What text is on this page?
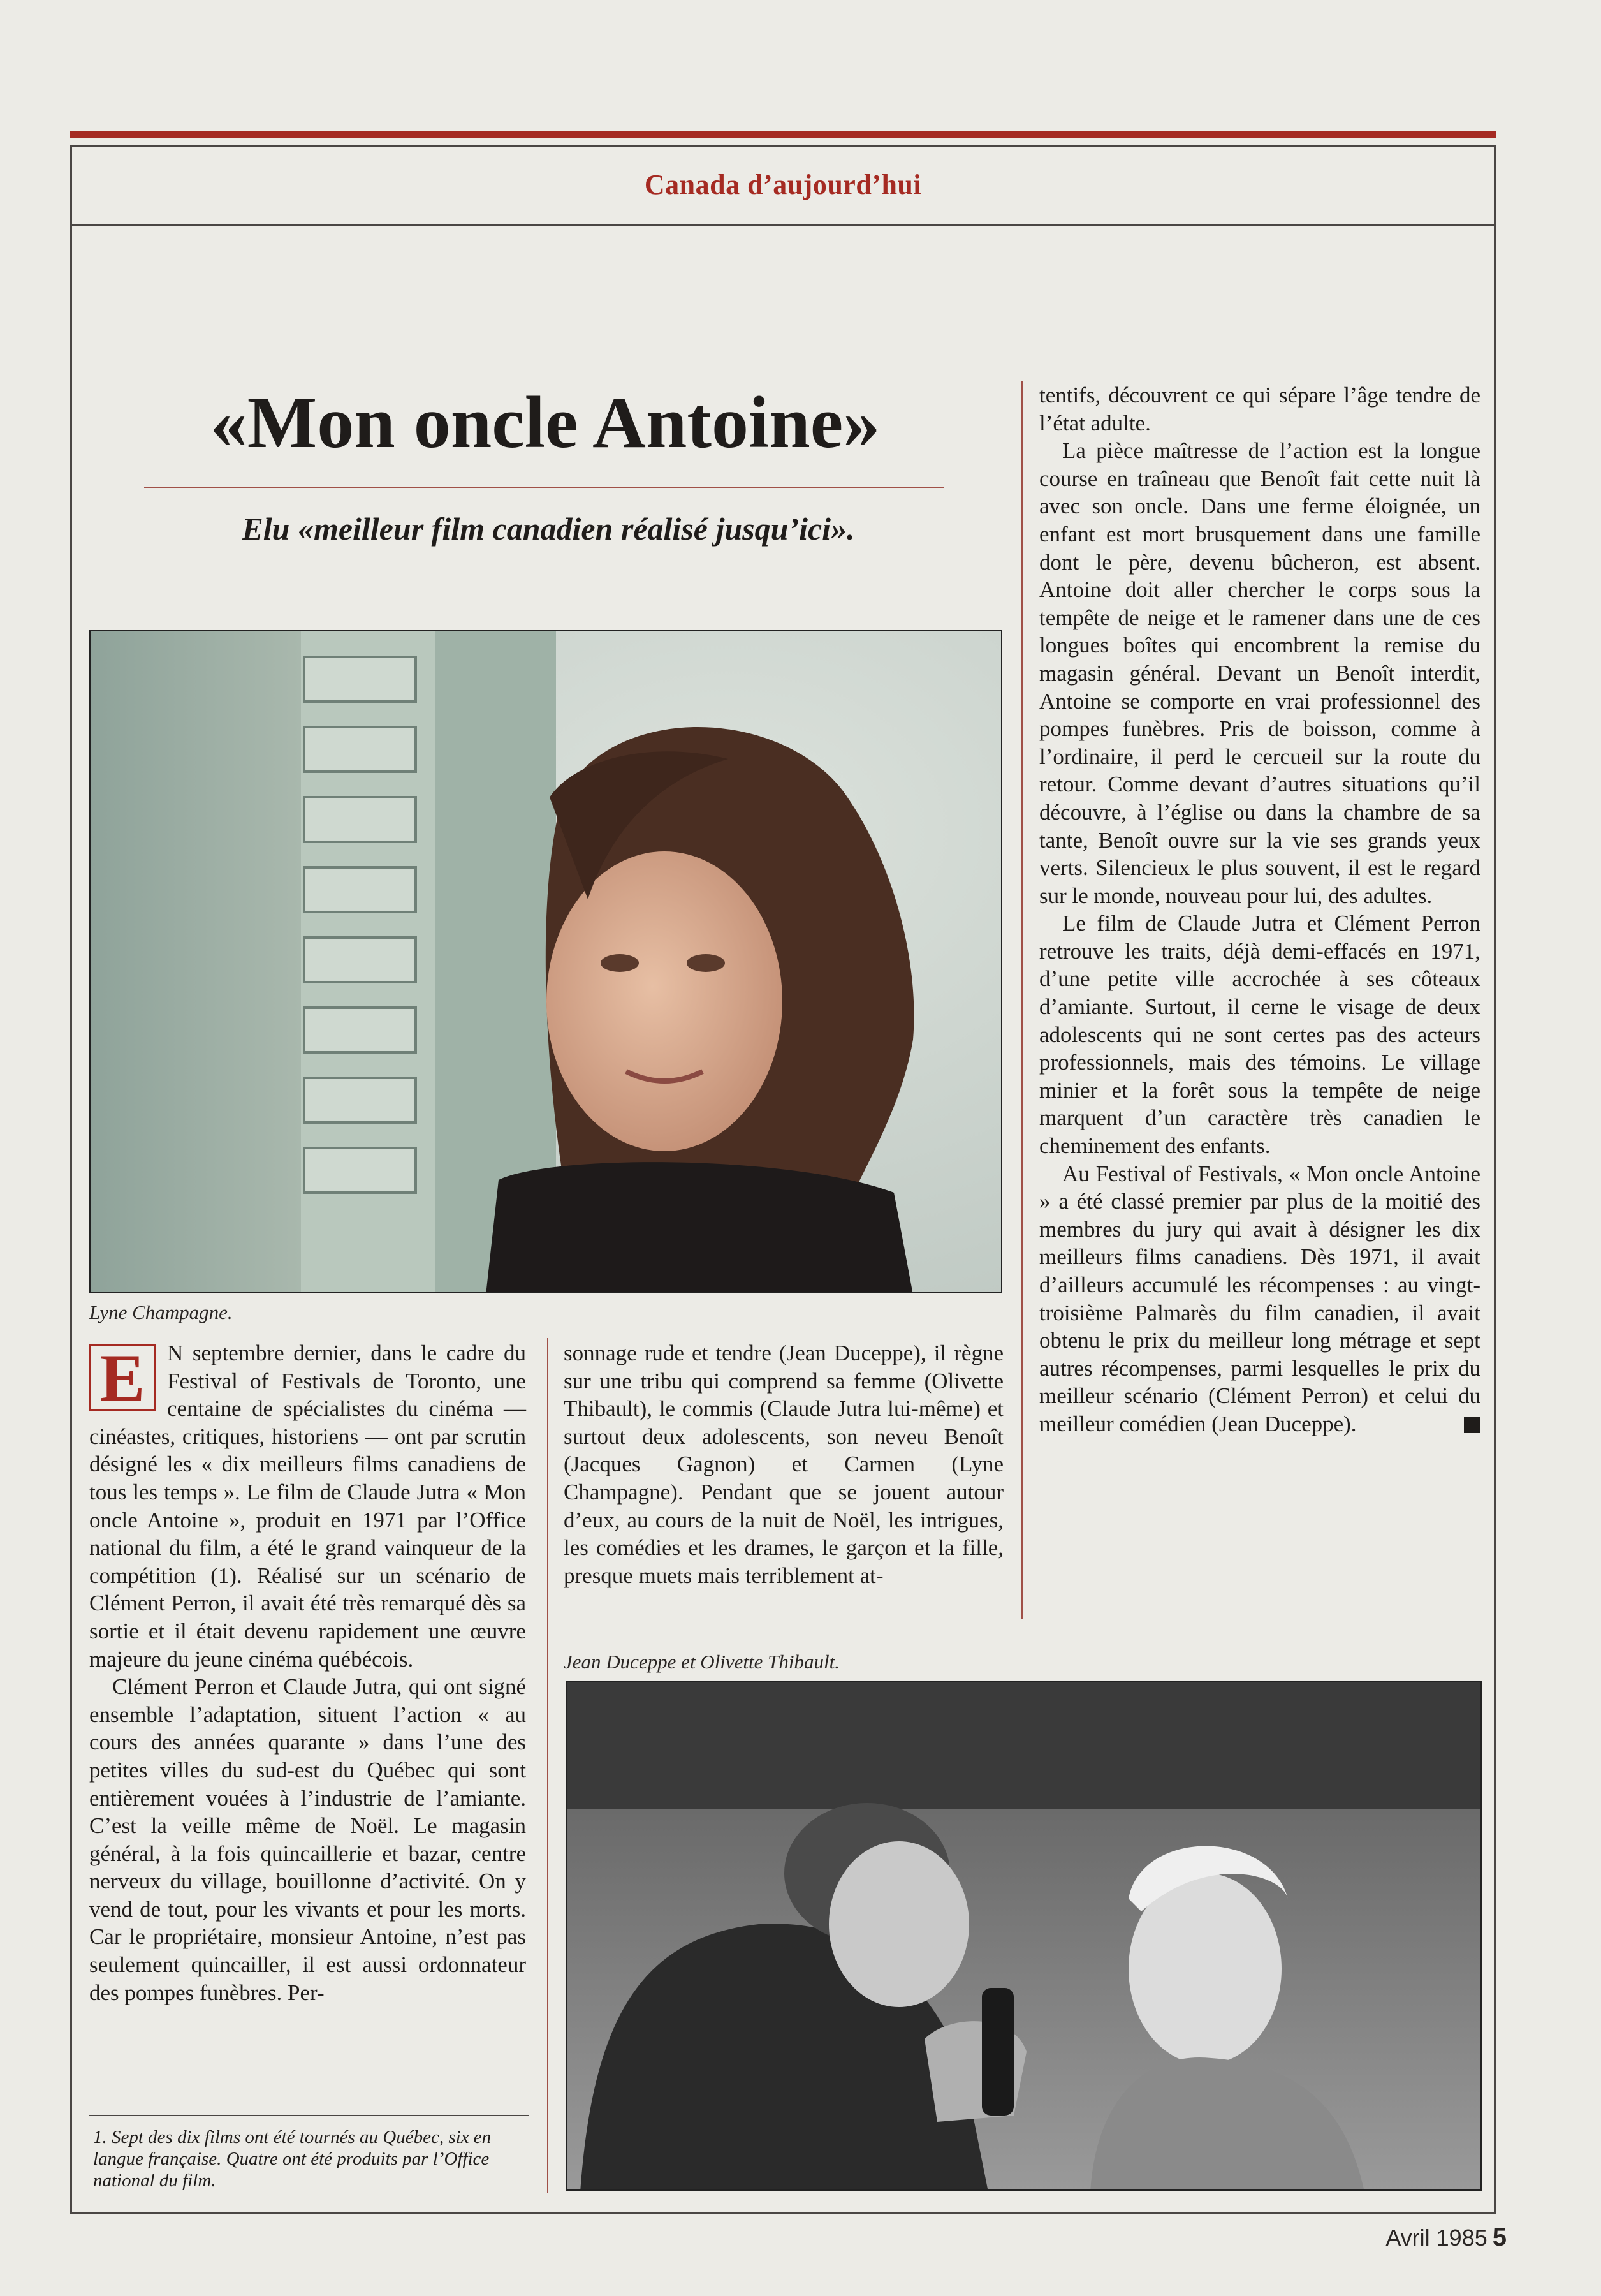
Canada d’aujourd’hui
«Mon oncle Antoine»
Elu «meilleur film canadien réalisé jusqu’ici».
Lyne Champagne.

E N septembre dernier, dans le cadre du Festival of Festivals de Toronto, une centaine de spécialistes du cinéma — cinéastes, critiques, historiens — ont par scrutin désigné les « dix meilleurs films canadiens de tous les temps ». Le film de Claude Jutra « Mon oncle Antoine », produit en 1971 par l’Office national du film, a été le grand vainqueur de la compétition (1). Réalisé sur un scénario de Clément Perron, il avait été très remarqué dès sa sortie et il était devenu rapidement une œuvre majeure du jeune cinéma québécois.

Clément Perron et Claude Jutra, qui ont signé ensemble l’adaptation, situent l’action « au cours des années quarante » dans l’une des petites villes du sud-est du Québec qui sont entièrement vouées à l’industrie de l’amiante. C’est la veille même de Noël. Le magasin général, à la fois quincaillerie et bazar, centre nerveux du village, bouillonne d’activité. On y vend de tout, pour les vivants et pour les morts. Car le propriétaire, monsieur Antoine, n’est pas seulement quincailler, il est aussi ordonnateur des pompes funèbres. Per-

sonnage rude et tendre (Jean Duceppe), il règne sur une tribu qui comprend sa femme (Olivette Thibault), le commis (Claude Jutra lui-même) et surtout deux adolescents, son neveu Benoît (Jacques Gagnon) et Carmen (Lyne Champagne). Pendant que se jouent autour d’eux, au cours de la nuit de Noël, les intrigues, les comédies et les drames, le garçon et la fille, presque muets mais terriblement at-

tentifs, découvrent ce qui sépare l’âge tendre de l’état adulte.

La pièce maîtresse de l’action est la longue course en traîneau que Benoît fait cette nuit là avec son oncle. Dans une ferme éloignée, un enfant est mort brusquement dans une famille dont le père, devenu bûcheron, est absent. Antoine doit aller chercher le corps sous la tempête de neige et le ramener dans une de ces longues boîtes qui encombrent la remise du magasin général. Devant un Benoît interdit, Antoine se comporte en vrai professionnel des pompes funèbres. Pris de boisson, comme à l’ordinaire, il perd le cercueil sur la route du retour. Comme devant d’autres situations qu’il découvre, à l’église ou dans la chambre de sa tante, Benoît ouvre sur la vie ses grands yeux verts. Silencieux le plus souvent, il est le regard sur le monde, nouveau pour lui, des adultes.

Le film de Claude Jutra et Clément Perron retrouve les traits, déjà demi-effacés en 1971, d’une petite ville accrochée à ses côteaux d’amiante. Surtout, il cerne le visage de deux adolescents qui ne sont certes pas des acteurs professionnels, mais des témoins. Le village minier et la forêt sous la tempête de neige marquent d’un caractère très canadien le cheminement des enfants.

Au Festival of Festivals, « Mon oncle Antoine » a été classé premier par plus de la moitié des membres du jury qui avait à désigner les dix meilleurs films canadiens. Dès 1971, il avait d’ailleurs accumulé les récompenses : au vingt-troisième Palmarès du film canadien, il avait obtenu le prix du meilleur long métrage et sept autres récompenses, parmi lesquelles le prix du meilleur scénario (Clément Perron) et celui du meilleur comédien (Jean Duceppe).

Jean Duceppe et Olivette Thibault.
1. Sept des dix films ont été tournés au Québec, six en langue française. Quatre ont été produits par l’Office national du film.
Avril 1985 5
